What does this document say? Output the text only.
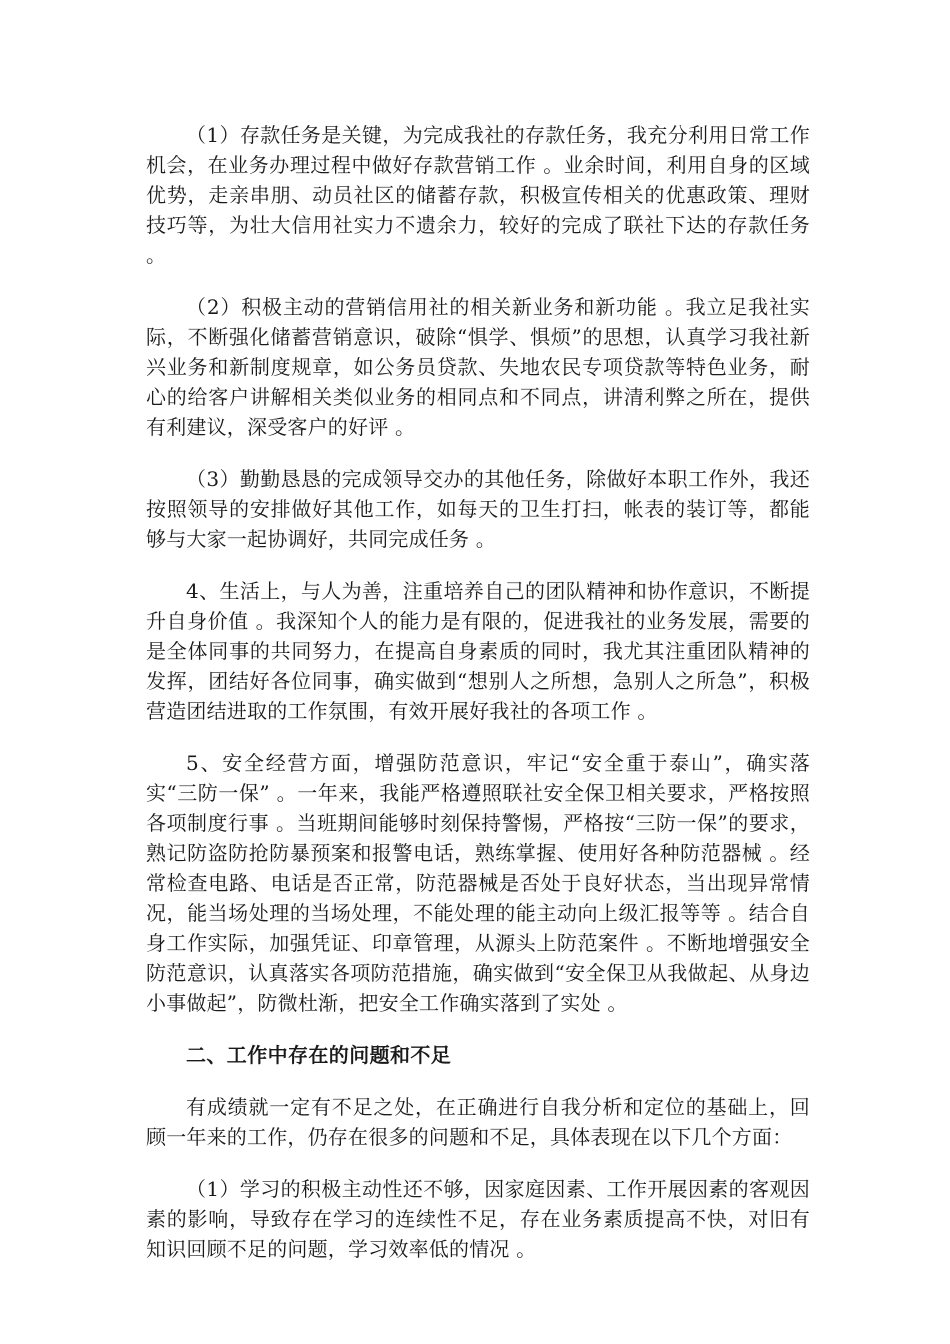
（1）存款任务是关键，为完成我社的存款任务，我充分利用日常工作机会，在业务办理过程中做好存款营销工作 。业余时间，利用自身的区域优势，走亲串朋、动员社区的储蓄存款，积极宣传相关的优惠政策、理财技巧等，为壮大信用社实力不遗余力，较好的完成了联社下达的存款任务 。

（2）积极主动的营销信用社的相关新业务和新功能 。我立足我社实际，不断强化储蓄营销意识，破除“惧学、惧烦”的思想，认真学习我社新兴业务和新制度规章，如公务员贷款、失地农民专项贷款等特色业务，耐心的给客户讲解相关类似业务的相同点和不同点，讲清利弊之所在，提供有利建议，深受客户的好评 。

（3）勤勤恳恳的完成领导交办的其他任务，除做好本职工作外，我还按照领导的安排做好其他工作，如每天的卫生打扫，帐表的装订等，都能够与大家一起协调好，共同完成任务 。

4、生活上，与人为善，注重培养自己的团队精神和协作意识，不断提升自身价值 。我深知个人的能力是有限的，促进我社的业务发展，需要的是全体同事的共同努力，在提高自身素质的同时，我尤其注重团队精神的发挥，团结好各位同事，确实做到“想别人之所想，急别人之所急”，积极营造团结进取的工作氛围，有效开展好我社的各项工作 。

5、安全经营方面，增强防范意识，牢记“安全重于泰山”，确实落实“三防一保” 。一年来，我能严格遵照联社安全保卫相关要求，严格按照各项制度行事 。当班期间能够时刻保持警惕，严格按“三防一保”的要求，熟记防盗防抢防暴预案和报警电话，熟练掌握、使用好各种防范器械 。经常检查电路、电话是否正常，防范器械是否处于良好状态，当出现异常情况，能当场处理的当场处理，不能处理的能主动向上级汇报等等 。结合自身工作实际，加强凭证、印章管理，从源头上防范案件 。不断地增强安全防范意识，认真落实各项防范措施，确实做到“安全保卫从我做起、从身边小事做起”，防微杜渐，把安全工作确实落到了实处 。

二、工作中存在的问题和不足

有成绩就一定有不足之处，在正确进行自我分析和定位的基础上，回顾一年来的工作，仍存在很多的问题和不足，具体表现在以下几个方面：

（1）学习的积极主动性还不够，因家庭因素、工作开展因素的客观因素的影响，导致存在学习的连续性不足，存在业务素质提高不快，对旧有知识回顾不足的问题，学习效率低的情况 。
